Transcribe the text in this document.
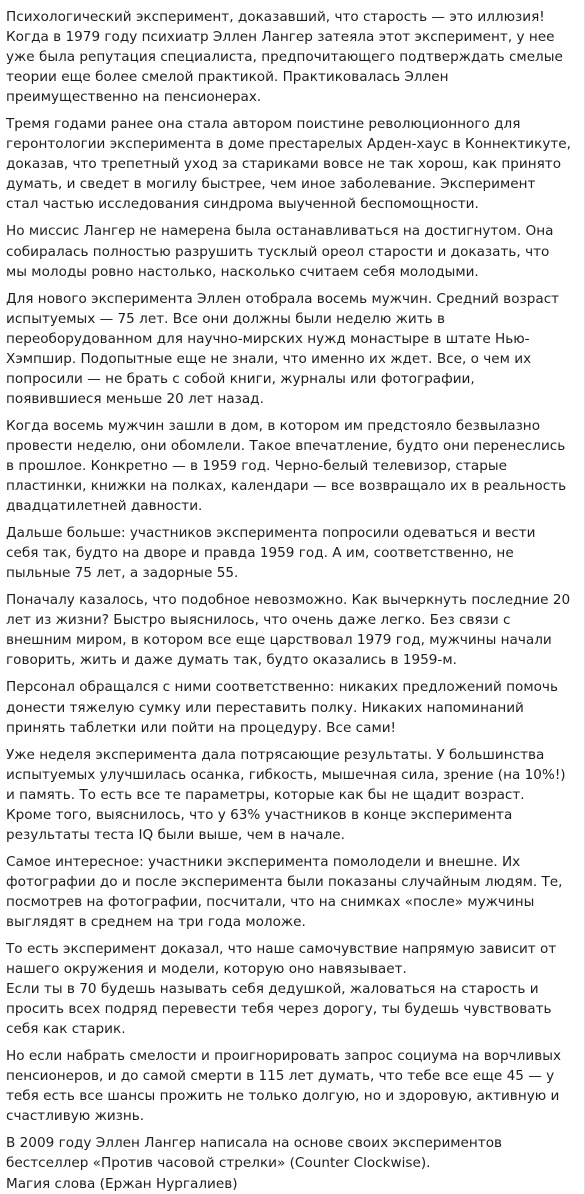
Психологический эксперимент, доказавший, что старость — это иллюзия!
Когда в 1979 году психиатр Эллен Лангер затеяла этот эксперимент, у нее уже была репутация специалиста, предпочитающего подтверждать смелые теории еще более смелой практикой. Практиковалась Эллен преимущественно на пенсионерах.

Тремя годами ранее она стала автором поистине революционного для геронтологии эксперимента в доме престарелых Арден-хаус в Коннектикуте, доказав, что трепетный уход за стариками вовсе не так хорош, как принято думать, и сведет в могилу быстрее, чем иное заболевание. Эксперимент стал частью исследования синдрома выученной беспомощности.

Но миссис Лангер не намерена была останавливаться на достигнутом. Она собиралась полностью разрушить тусклый ореол старости и доказать, что мы молоды ровно настолько, насколько считаем себя молодыми.

Для нового эксперимента Эллен отобрала восемь мужчин. Средний возраст испытуемых — 75 лет. Все они должны были неделю жить в переоборудованном для научно-мирских нужд монастыре в штате Нью-Хэмпшир. Подопытные еще не знали, что именно их ждет. Все, о чем их попросили — не брать с собой книги, журналы или фотографии, появившиеся меньше 20 лет назад.

Когда восемь мужчин зашли в дом, в котором им предстояло безвылазно провести неделю, они обомлели. Такое впечатление, будто они перенеслись в прошлое. Конкретно — в 1959 год. Черно-белый телевизор, старые пластинки, книжки на полках, календари — все возвращало их в реальность двадцатилетней давности.

Дальше больше: участников эксперимента попросили одеваться и вести себя так, будто на дворе и правда 1959 год. А им, соответственно, не пыльные 75 лет, а задорные 55.

Поначалу казалось, что подобное невозможно. Как вычеркнуть последние 20 лет из жизни? Быстро выяснилось, что очень даже легко. Без связи с внешним миром, в котором все еще царствовал 1979 год, мужчины начали говорить, жить и даже думать так, будто оказались в 1959-м.

Персонал обращался с ними соответственно: никаких предложений помочь донести тяжелую сумку или переставить полку. Никаких напоминаний принять таблетки или пойти на процедуру. Все сами!

Уже неделя эксперимента дала потрясающие результаты. У большинства испытуемых улучшилась осанка, гибкость, мышечная сила, зрение (на 10%!) и память. То есть все те параметры, которые как бы не щадит возраст. Кроме того, выяснилось, что у 63% участников в конце эксперимента результаты теста IQ были выше, чем в начале.

Самое интересное: участники эксперимента помолодели и внешне. Их фотографии до и после эксперимента были показаны случайным людям. Те, посмотрев на фотографии, посчитали, что на снимках «после» мужчины выглядят в среднем на три года моложе.

То есть эксперимент доказал, что наше самочувствие напрямую зависит от нашего окружения и модели, которую оно навязывает.
Если ты в 70 будешь называть себя дедушкой, жаловаться на старость и просить всех подряд перевести тебя через дорогу, ты будешь чувствовать себя как старик.

Но если набрать смелости и проигнорировать запрос социума на ворчливых пенсионеров, и до самой смерти в 115 лет думать, что тебе все еще 45 — у тебя есть все шансы прожить не только долгую, но и здоровую, активную и счастливую жизнь.

В 2009 году Эллен Лангер написала на основе своих экспериментов бестселлер «Против часовой стрелки» (Counter Clockwise).
Магия слова (Ержан Нургалиев)
